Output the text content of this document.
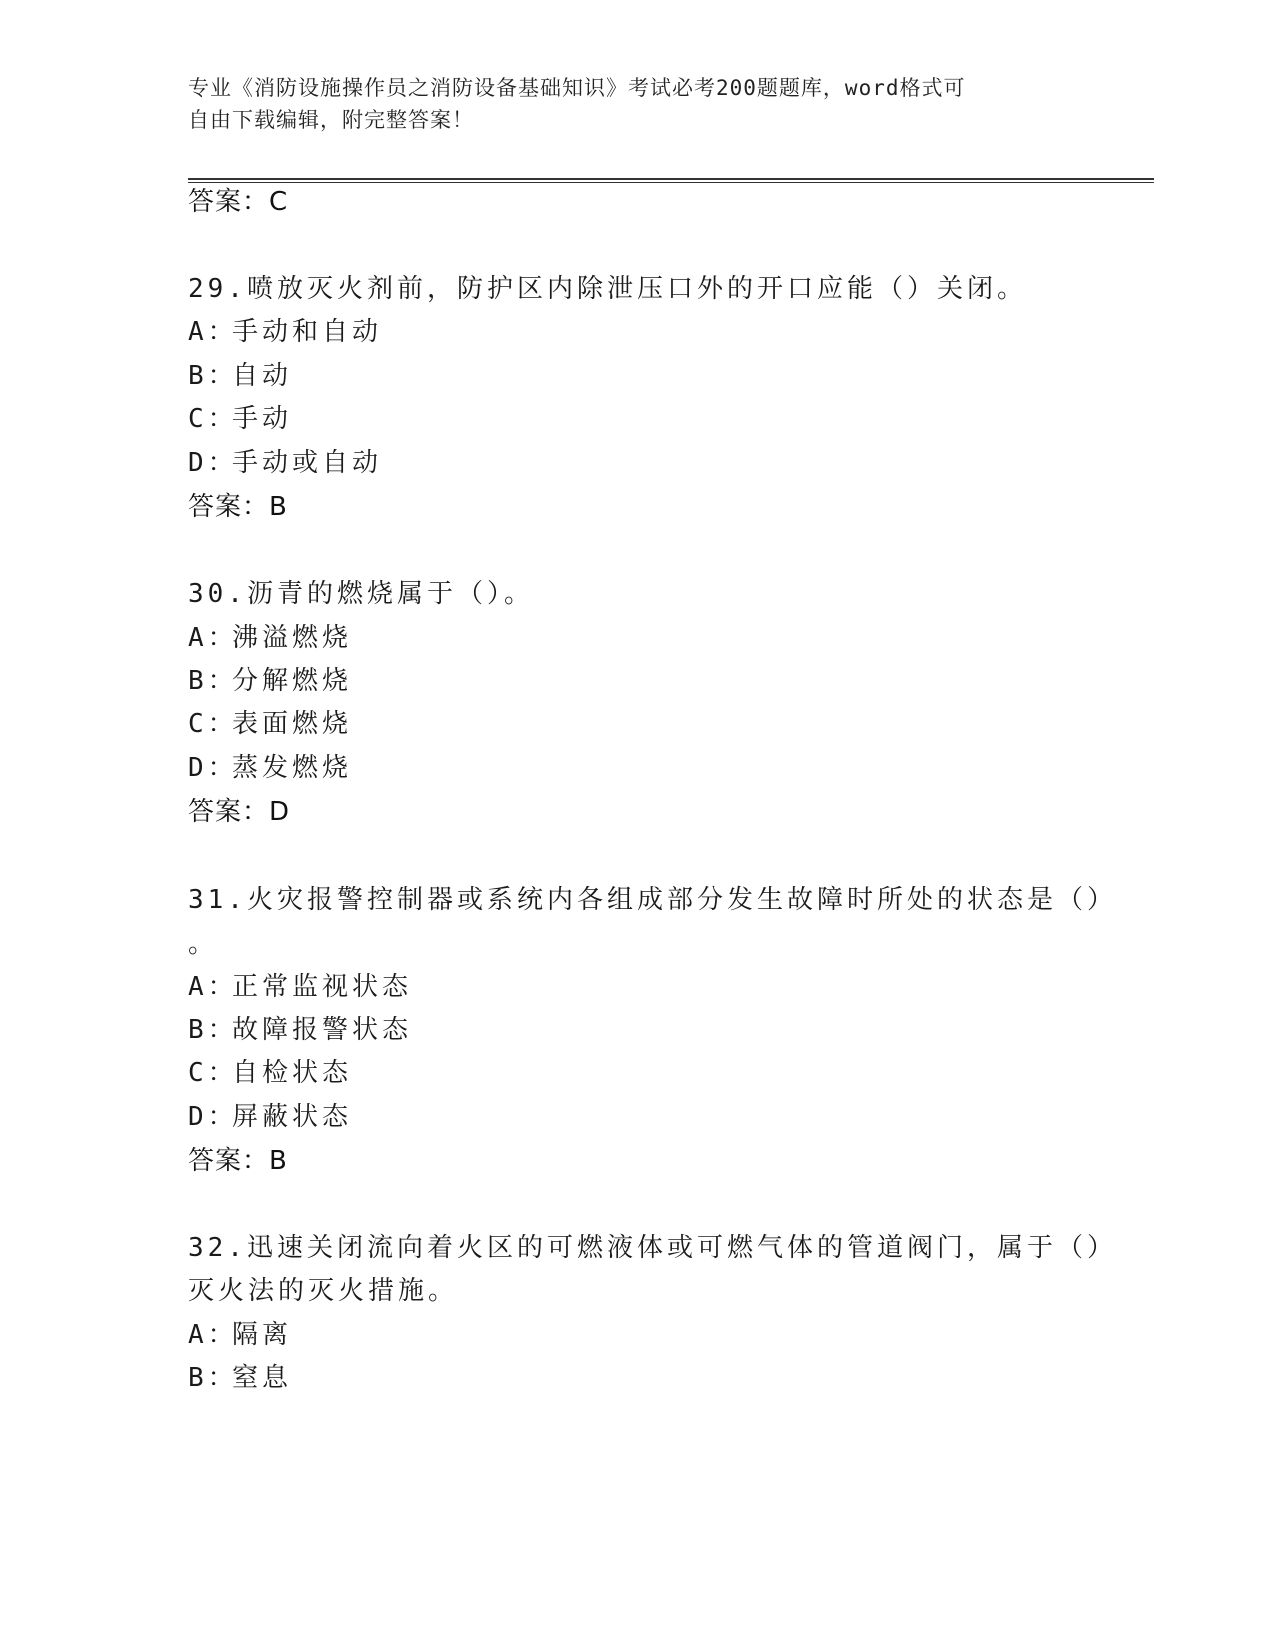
专业《消防设施操作员之消防设备基础知识》考试必考200题题库，word格式可
自由下载编辑，附完整答案！
答案：C
29.喷放灭火剂前，防护区内除泄压口外的开口应能（）关闭。
A：手动和自动
B：自动
C：手动
D：手动或自动
答案：B
30.沥青的燃烧属于（）。
A：沸溢燃烧
B：分解燃烧
C：表面燃烧
D：蒸发燃烧
答案：D
31.火灾报警控制器或系统内各组成部分发生故障时所处的状态是（）
。
A：正常监视状态
B：故障报警状态
C：自检状态
D：屏蔽状态
答案：B
32.迅速关闭流向着火区的可燃液体或可燃气体的管道阀门，属于（）
灭火法的灭火措施。
A：隔离
B：窒息
